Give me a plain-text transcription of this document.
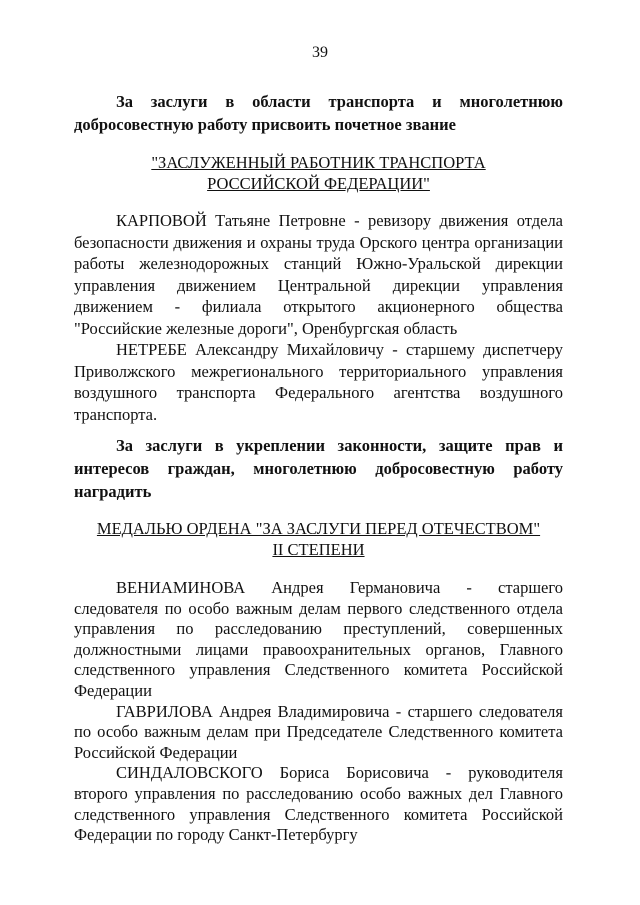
39

За заслуги в области транспорта и многолетнюю добросовестную работу присвоить почетное звание

"ЗАСЛУЖЕННЫЙ РАБОТНИК ТРАНСПОРТА
РОССИЙСКОЙ ФЕДЕРАЦИИ"

КАРПОВОЙ Татьяне Петровне - ревизору движения отдела безопасности движения и охраны труда Орского центра организации работы железнодорожных станций Южно-Уральской дирекции управления движением Центральной дирекции управления движением - филиала открытого акционерного общества "Российские железные дороги", Оренбургская область

НЕТРЕБЕ Александру Михайловичу - старшему диспетчеру Приволжского межрегионального территориального управления воздушного транспорта Федерального агентства воздушного транспорта.

За заслуги в укреплении законности, защите прав и интересов граждан, многолетнюю добросовестную работу наградить

МЕДАЛЬЮ ОРДЕНА "ЗА ЗАСЛУГИ ПЕРЕД ОТЕЧЕСТВОМ"
II СТЕПЕНИ

ВЕНИАМИНОВА Андрея Германовича - старшего следователя по особо важным делам первого следственного отдела управления по расследованию преступлений, совершенных должностными лицами правоохранительных органов, Главного следственного управления Следственного комитета Российской Федерации

ГАВРИЛОВА Андрея Владимировича - старшего следователя по особо важным делам при Председателе Следственного комитета Российской Федерации

СИНДАЛОВСКОГО Бориса Борисовича - руководителя второго управления по расследованию особо важных дел Главного следственного управления Следственного комитета Российской Федерации по городу Санкт-Петербургу
